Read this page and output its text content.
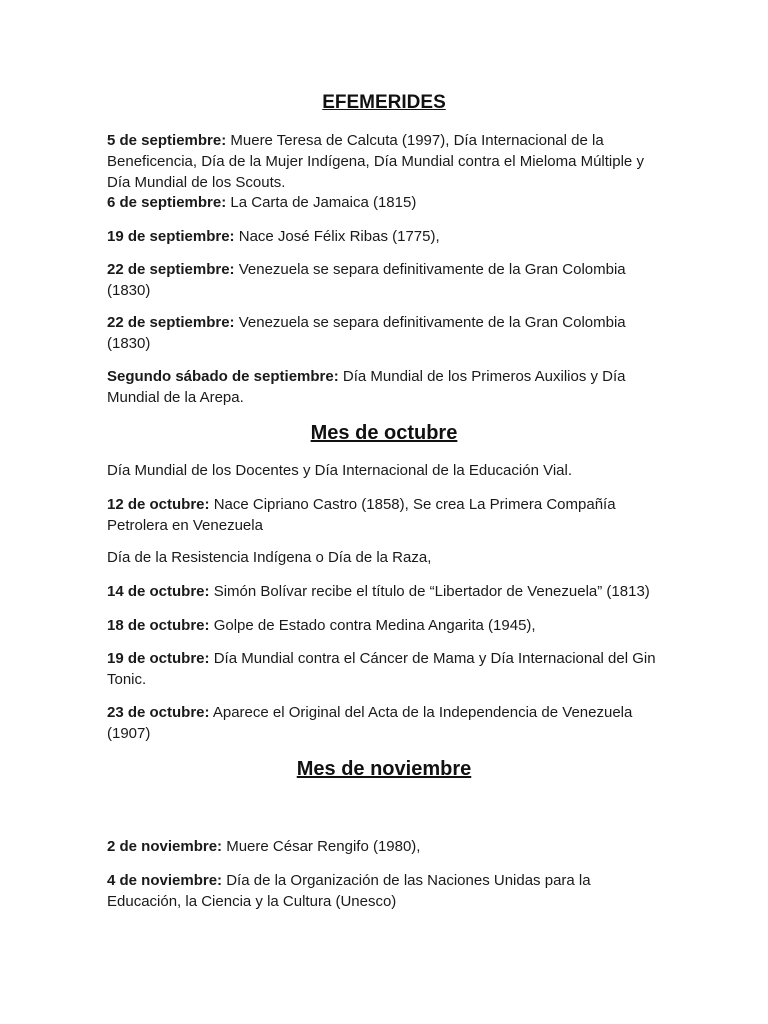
EFEMERIDES
5 de septiembre: Muere Teresa de Calcuta (1997), Día Internacional de la Beneficencia, Día de la Mujer Indígena, Día Mundial contra el Mieloma Múltiple y Día Mundial de los Scouts.
6 de septiembre: La Carta de Jamaica (1815)
19 de septiembre: Nace José Félix Ribas (1775),
22 de septiembre: Venezuela se separa definitivamente de la Gran Colombia (1830)
22 de septiembre: Venezuela se separa definitivamente de la Gran Colombia (1830)
Segundo sábado de septiembre: Día Mundial de los Primeros Auxilios y Día Mundial de la Arepa.
Mes de octubre
Día Mundial de los Docentes y Día Internacional de la Educación Vial.
12 de octubre: Nace Cipriano Castro (1858), Se crea La Primera Compañía Petrolera en Venezuela
Día de la Resistencia Indígena o Día de la Raza,
14 de octubre: Simón Bolívar recibe el título de “Libertador de Venezuela” (1813)
18 de octubre: Golpe de Estado contra Medina Angarita (1945),
19 de octubre: Día Mundial contra el Cáncer de Mama y Día Internacional del Gin Tonic.
23 de octubre: Aparece el Original del Acta de la Independencia de Venezuela (1907)
Mes de noviembre
2 de noviembre: Muere César Rengifo (1980),
4 de noviembre: Día de la Organización de las Naciones Unidas para la Educación, la Ciencia y la Cultura (Unesco)
